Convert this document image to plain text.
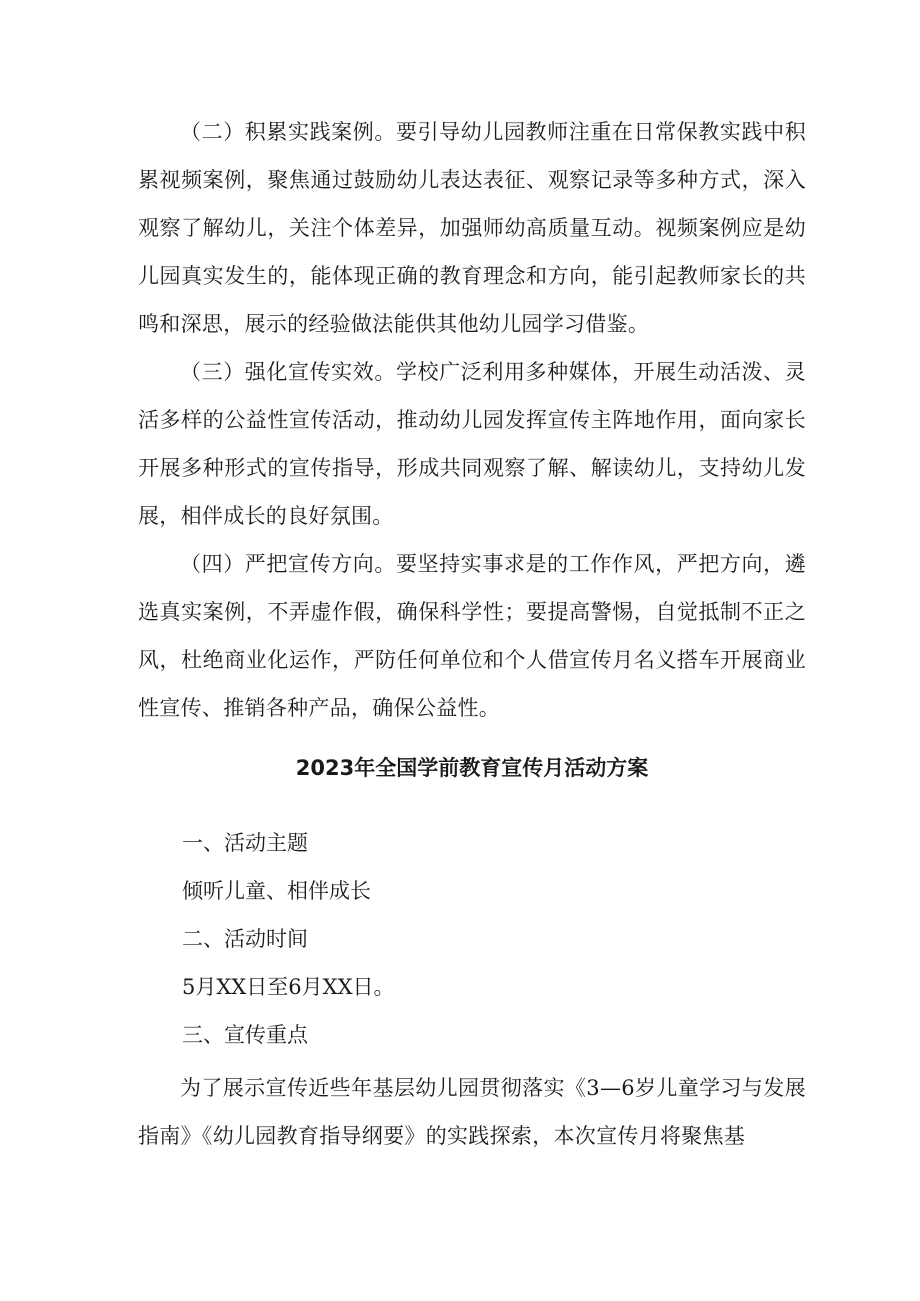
（二）积累实践案例。要引导幼儿园教师注重在日常保教实践中积累视频案例，聚焦通过鼓励幼儿表达表征、观察记录等多种方式，深入观察了解幼儿，关注个体差异，加强师幼高质量互动。视频案例应是幼儿园真实发生的，能体现正确的教育理念和方向，能引起教师家长的共鸣和深思，展示的经验做法能供其他幼儿园学习借鉴。

（三）强化宣传实效。学校广泛利用多种媒体，开展生动活泼、灵活多样的公益性宣传活动，推动幼儿园发挥宣传主阵地作用，面向家长开展多种形式的宣传指导，形成共同观察了解、解读幼儿，支持幼儿发展，相伴成长的良好氛围。

（四）严把宣传方向。要坚持实事求是的工作作风，严把方向，遴选真实案例，不弄虚作假，确保科学性；要提高警惕，自觉抵制不正之风，杜绝商业化运作，严防任何单位和个人借宣传月名义搭车开展商业性宣传、推销各种产品，确保公益性。

2023年全国学前教育宣传月活动方案

一、活动主题

倾听儿童、相伴成长

二、活动时间

5月XX日至6月XX日。

三、宣传重点

为了展示宣传近些年基层幼儿园贯彻落实《3—6岁儿童学习与发展指南》《幼儿园教育指导纲要》的实践探索，本次宣传月将聚焦基
